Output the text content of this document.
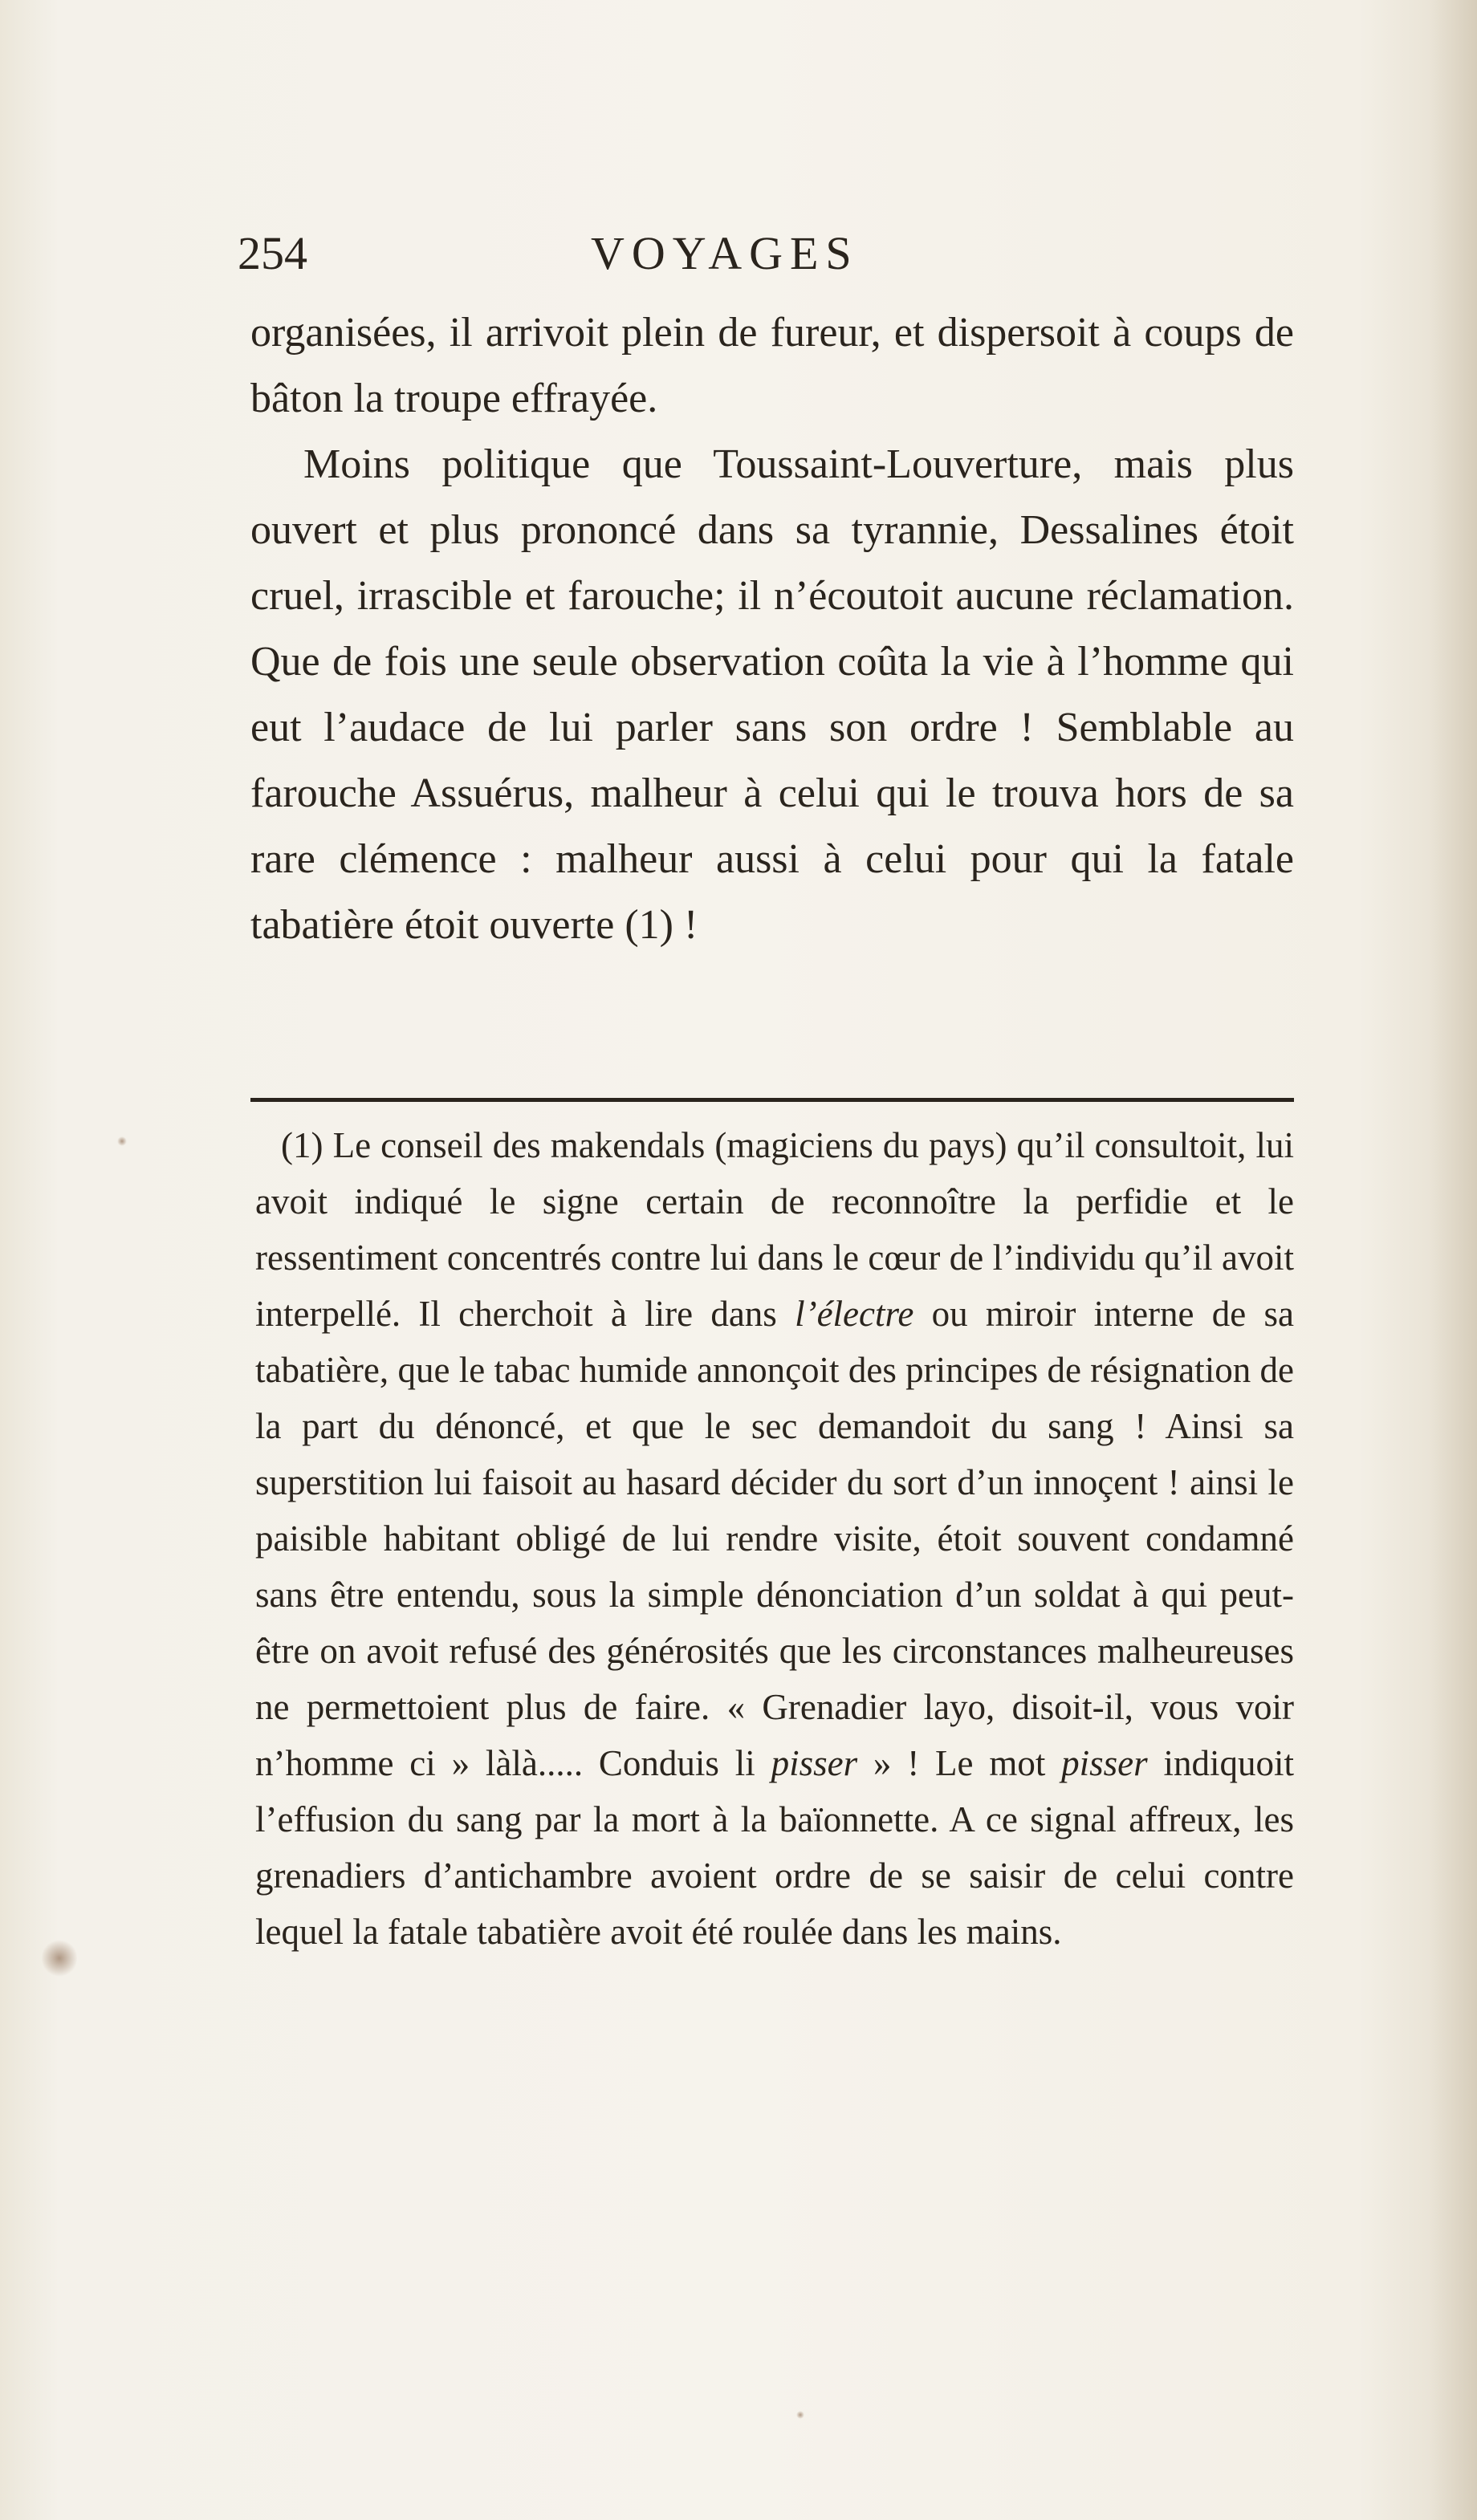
254	VOYAGES

organisées, il arrivoit plein de fureur, et dispersoit à coups de bâton la troupe effrayée.

Moins politique que Toussaint-Louverture, mais plus ouvert et plus prononcé dans sa tyrannie, Dessalines étoit cruel, irrascible et farouche; il n’écoutoit aucune réclamation. Que de fois une seule observation coûta la vie à l’homme qui eut l’audace de lui parler sans son ordre ! Semblable au farouche Assuérus, malheur à celui qui le trouva hors de sa rare clémence : malheur aussi à celui pour qui la fatale tabatière étoit ouverte (1) !

(1) Le conseil des makendals (magiciens du pays) qu’il consultoit, lui avoit indiqué le signe certain de reconnoître la perfidie et le ressentiment concentrés contre lui dans le cœur de l’individu qu’il avoit interpellé. Il cherchoit à lire dans l’électre ou miroir interne de sa tabatière, que le tabac humide annonçoit des principes de résignation de la part du dénoncé, et que le sec demandoit du sang ! Ainsi sa superstition lui faisoit au hasard décider du sort d’un innoçent ! ainsi le paisible habitant obligé de lui rendre visite, étoit souvent condamné sans être entendu, sous la simple dénonciation d’un soldat à qui peut-être on avoit refusé des générosités que les circonstances malheureuses ne permettoient plus de faire. « Grenadier layo, disoit-il, vous voir n’homme ci » làlà..... Conduis li pisser » ! Le mot pisser indiquoit l’effusion du sang par la mort à la baïonnette. A ce signal affreux, les grenadiers d’antichambre avoient ordre de se saisir de celui contre lequel la fatale tabatière avoit été roulée dans les mains.
